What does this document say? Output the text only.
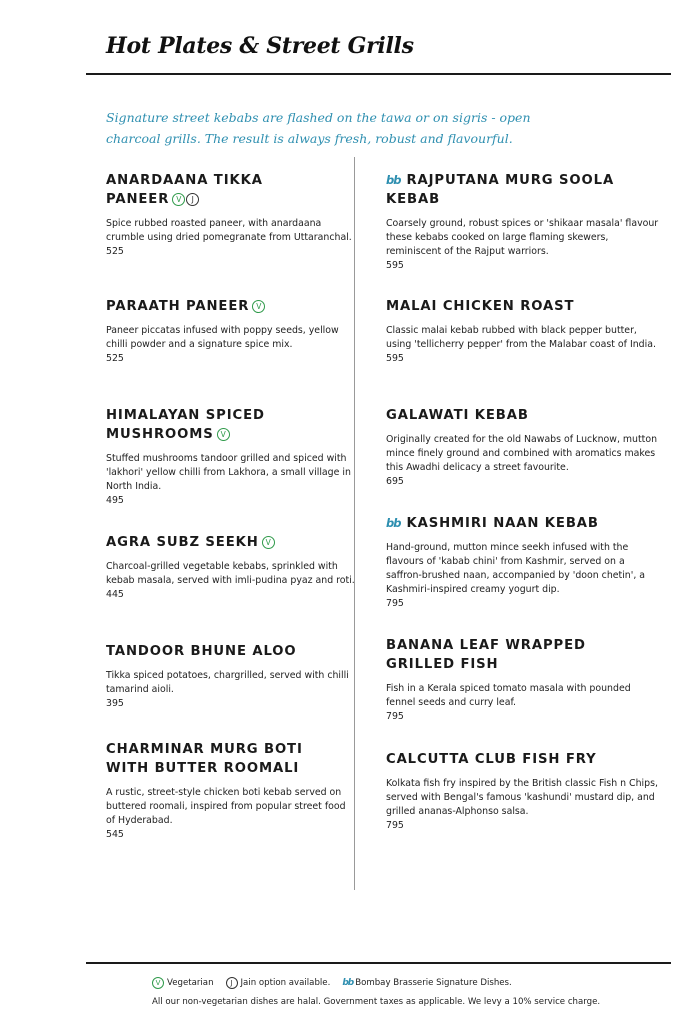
Hot Plates & Street Grills

Signature street kebabs are flashed on the tawa or on sigris - open charcoal grills. The result is always fresh, robust and flavourful.

ANARDAANA TIKKA
PANEER V J

Spice rubbed roasted paneer, with anardaana crumble using dried pomegranate from Uttaranchal.

525

PARAATH PANEER V

Paneer piccatas infused with poppy seeds, yellow chilli powder and a signature spice mix.

525

HIMALAYAN SPICED
MUSHROOMS V

Stuffed mushrooms tandoor grilled and spiced with 'lakhori' yellow chilli from Lakhora, a small village in North India.

495

AGRA SUBZ SEEKH V

Charcoal-grilled vegetable kebabs, sprinkled with kebab masala, served with imli-pudina pyaz and roti.

445

TANDOOR BHUNE ALOO

Tikka spiced potatoes, chargrilled, served with chilli tamarind aioli.

395

CHARMINAR MURG BOTI
WITH BUTTER ROOMALI

A rustic, street-style chicken boti kebab served on buttered roomali, inspired from popular street food of Hyderabad.

545

bb RAJPUTANA MURG SOOLA
KEBAB

Coarsely ground, robust spices or 'shikaar masala' flavour these kebabs cooked on large flaming skewers, reminiscent of the Rajput warriors.

595

MALAI CHICKEN ROAST

Classic malai kebab rubbed with black pepper butter, using 'tellicherry pepper' from the Malabar coast of India.

595

GALAWATI KEBAB

Originally created for the old Nawabs of Lucknow, mutton mince finely ground and combined with aromatics makes this Awadhi delicacy a street favourite.

695

bb KASHMIRI NAAN KEBAB

Hand-ground, mutton mince seekh infused with the flavours of 'kabab chini' from Kashmir, served on a saffron-brushed naan, accompanied by 'doon chetin', a Kashmiri-inspired creamy yogurt dip.

795

BANANA LEAF WRAPPED
GRILLED FISH

Fish in a Kerala spiced tomato masala with pounded fennel seeds and curry leaf.

795

CALCUTTA CLUB FISH FRY

Kolkata fish fry inspired by the British classic Fish n Chips, served with Bengal's famous 'kashundi' mustard dip, and grilled ananas-Alphonso salsa.

795

V Vegetarian J Jain option available. bb Bombay Brasserie Signature Dishes.
All our non-vegetarian dishes are halal. Government taxes as applicable. We levy a 10% service charge.
